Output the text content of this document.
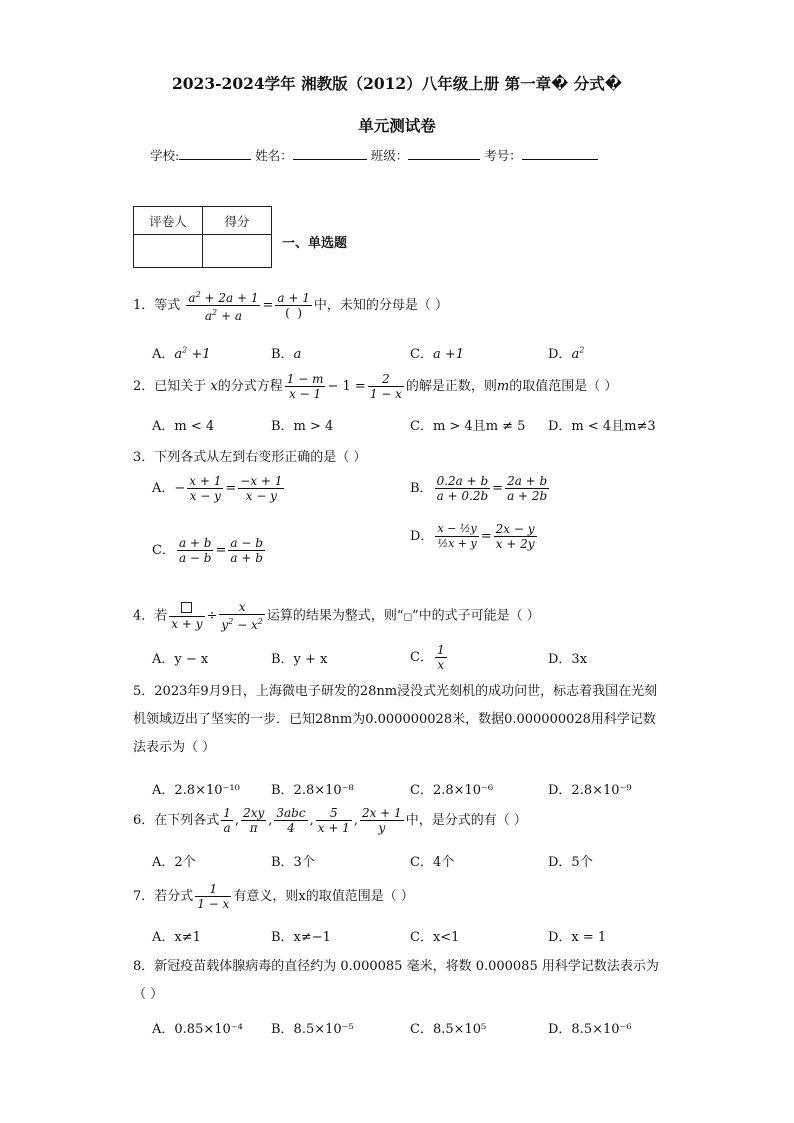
2023-2024学年 湘教版（2012）八年级上册 第一章� 分式�
单元测试卷
学校:	姓名：	班级：	考号：
评卷人	得分

一、单选题
1．等式 $\frac{a^2 + 2a + 1}{a^2 + a} = \frac{a + 1}{( )}$ 中，未知的分母是（ ）
A．$a^2 +1$	B．a	C．a +1	D．$a^2$
2．已知关于 x的分式方程 $\frac{1 - m}{x - 1} - 1 = \frac{2}{1 - x}$ 的解是正数，则m的取值范围是（ ）
A．m < 4	B．m > 4	C．m > 4且m ≠ 5 D．m < 4且m≠3
3．下列各式从左到右变形正确的是（ ）
A．− $\frac{x + 1}{x - y} = \frac{-x + 1}{x - y}$	B． $\frac{0.2a + b}{a + 0.2b} = \frac{2a + b}{a + 2b}$
C． $\frac{a + b}{a - b} = \frac{a - b}{a + b}$	D． $\frac{\text{x − ½y}}{\text{½x + y}} = \frac{2x - y}{x + 2y}$
4．若 $x + y \div \frac{x}{y^2 - x^2}$ 运算的结果为整式，则“□”中的式子可能是（ ）
A．y − x	B．y + x	C． $\frac{1}{x}$	D．3x
5．2023年9月9日，上海微电子研发的28nm浸没式光刻机的成功问世，标志着我国在光刻机领域迈出了坚实的一步．已知28nm为0.000000028米，数据0.000000028用科学记数法表示为（ ）
A．2.8×10⁻¹⁰ B．2.8×10⁻⁸	C．2.8×10⁻⁶	D．2.8×10⁻⁹
6．在下列各式 $\frac{1}{a}$ , $\frac{2xy}{\pi}$ , $\frac{\text{3abc}}{4}$ , $\frac{5}{x + 1}$ , $\frac{2x + 1}{y}$ 中，是分式的有（ ）
A．2个	B．3个	C．4个	D．5个
7．若分式 $\frac{1}{1 - x}$ 有意义，则x的取值范围是（ ）
A．x≠1	B．x≠−1	C．x<1	D．x = 1
8．新冠疫苗载体腺病毒的直径约为 0.000085 毫米，将数 0.000085 用科学记数法表示为（ ）
A．0.85×10⁻⁴ B．8.5×10⁻⁵	C．8.5×10⁵	D．8.5×10⁻⁶
